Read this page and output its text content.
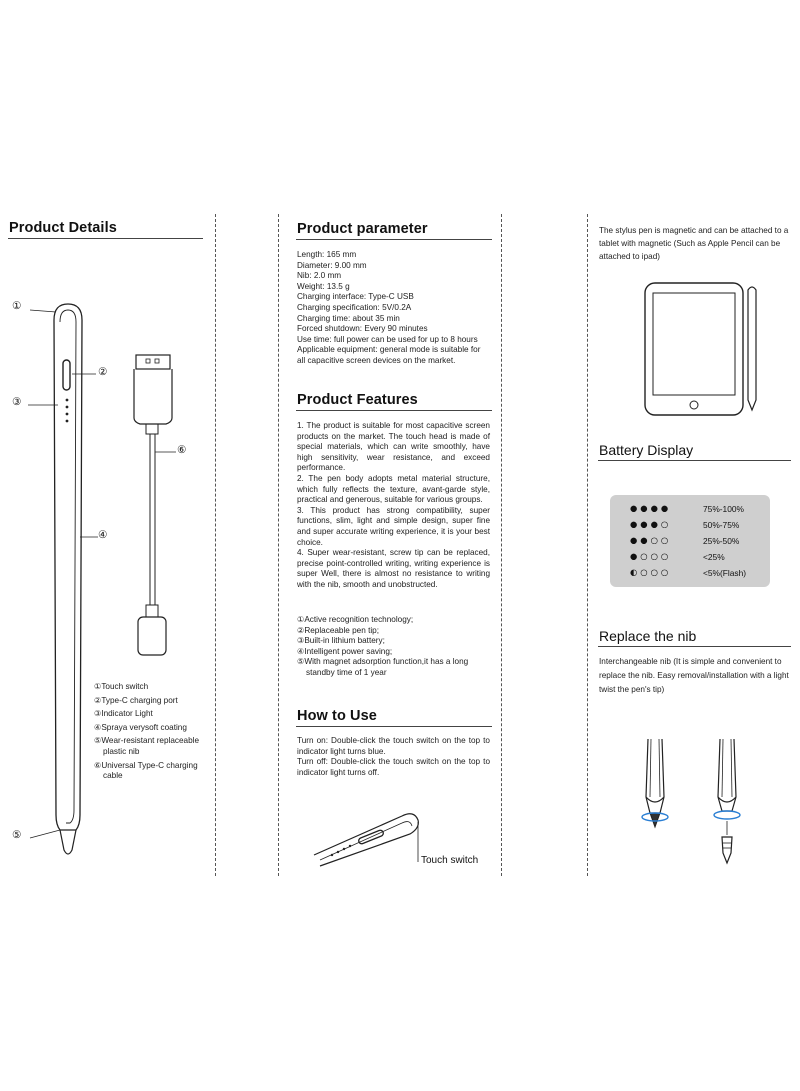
Product Details
①
②
③
④
⑤
⑥
①Touch switch
②Type-C charging port
③Indicator Light
④Spraya verysoft coating
⑤Wear-resistant replaceable
plastic nib
⑥Universal Type-C charging
cable
Product parameter
Length: 165 mm
Diameter: 9.00 mm
Nib: 2.0 mm
Weight: 13.5 g
Charging interface: Type-C USB
Charging specification: 5V/0.2A
Charging time: about 35 min
Forced shutdown: Every 90 minutes
Use time: full power can be used for up to 8 hours
Applicable equipment: general mode is suitable for
all capacitive screen devices on the market.
Product Features

1. The product is suitable for most capacitive screen products on the market. The touch head is made of special materials, which can write smoothly, have high sensitivity, wear resistance, and exceed performance.

2. The pen body adopts metal material structure, which fully reflects the texture, avant-garde style, practical and generous, suitable for various groups.

3. This product has strong compatibility, super functions, slim, light and simple design, super fine and super accurate writing experience, it is your best choice.

4. Super wear-resistant, screw tip can be replaced, precise point-controlled writing, writing experience is super Well, there is almost no resistance to writing with the nib, smooth and unobstructed.

①Active recognition technology;
②Replaceable pen tip;
③Built-in lithium battery;
④Intelligent power saving;
⑤With magnet adsorption function,it has a long
standby time of 1 year
How to Use

Turn on: Double-click the touch switch on the top to indicator light turns blue.

Turn off: Double-click the touch switch on the top to indicator light turns off.

Touch switch
The stylus pen is magnetic and can be attached to a tablet with magnetic (Such as Apple Pencil can be attached to ipad)
Battery Display
●●●●	75%-100%
●●●○	50%-75%
●●○○	25%-50%
●○○○	<25%
◐○○○	<5%(Flash)
Replace the nib
Interchangeable nib (It is simple and convenient to replace the nib. Easy removal/installation with a light twist the pen's tip)
